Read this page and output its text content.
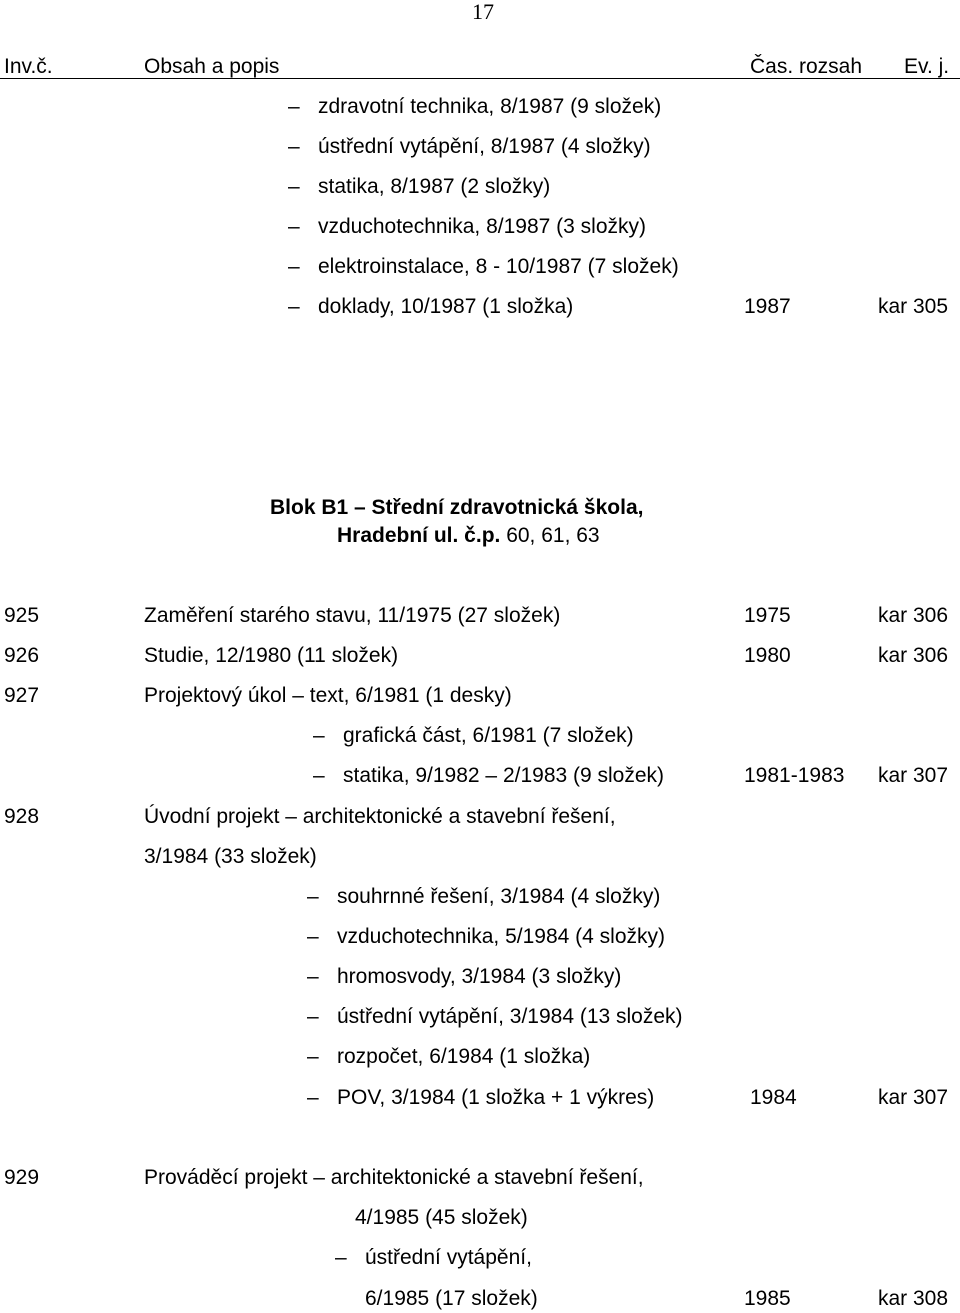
17
Inv.č.	Obsah a popis	Čas. rozsah Ev. j.
– zdravotní technika, 8/1987 (9 složek)
– ústřední vytápění, 8/1987 (4 složky)
– statika, 8/1987 (2 složky)
– vzduchotechnika, 8/1987 (3 složky)
– elektroinstalace, 8 - 10/1987 (7 složek)
– doklady, 10/1987 (1 složka)	1987	kar 305
Blok B1 – Střední zdravotnická škola,
Hradební ul. č.p. 60, 61, 63
925	Zaměření starého stavu, 11/1975 (27 složek)	1975	kar 306
926	Studie, 12/1980 (11 složek)	1980	kar 306
927	Projektový úkol – text, 6/1981 (1 desky)
– grafická část, 6/1981 (7 složek)
– statika, 9/1982 – 2/1983 (9 složek)	1981-1983 kar 307
928	Úvodní projekt – architektonické a stavební řešení,
3/1984 (33 složek)
– souhrnné řešení, 3/1984 (4 složky)
– vzduchotechnika, 5/1984 (4 složky)
– hromosvody, 3/1984 (3 složky)
– ústřední vytápění, 3/1984 (13 složek)
– rozpočet, 6/1984 (1 složka)
– POV, 3/1984 (1 složka + 1 výkres)	1984	kar 307
929	Prováděcí projekt – architektonické a stavební řešení,
4/1985 (45 složek)
– ústřední vytápění,
6/1985 (17 složek)	1985	kar 308
